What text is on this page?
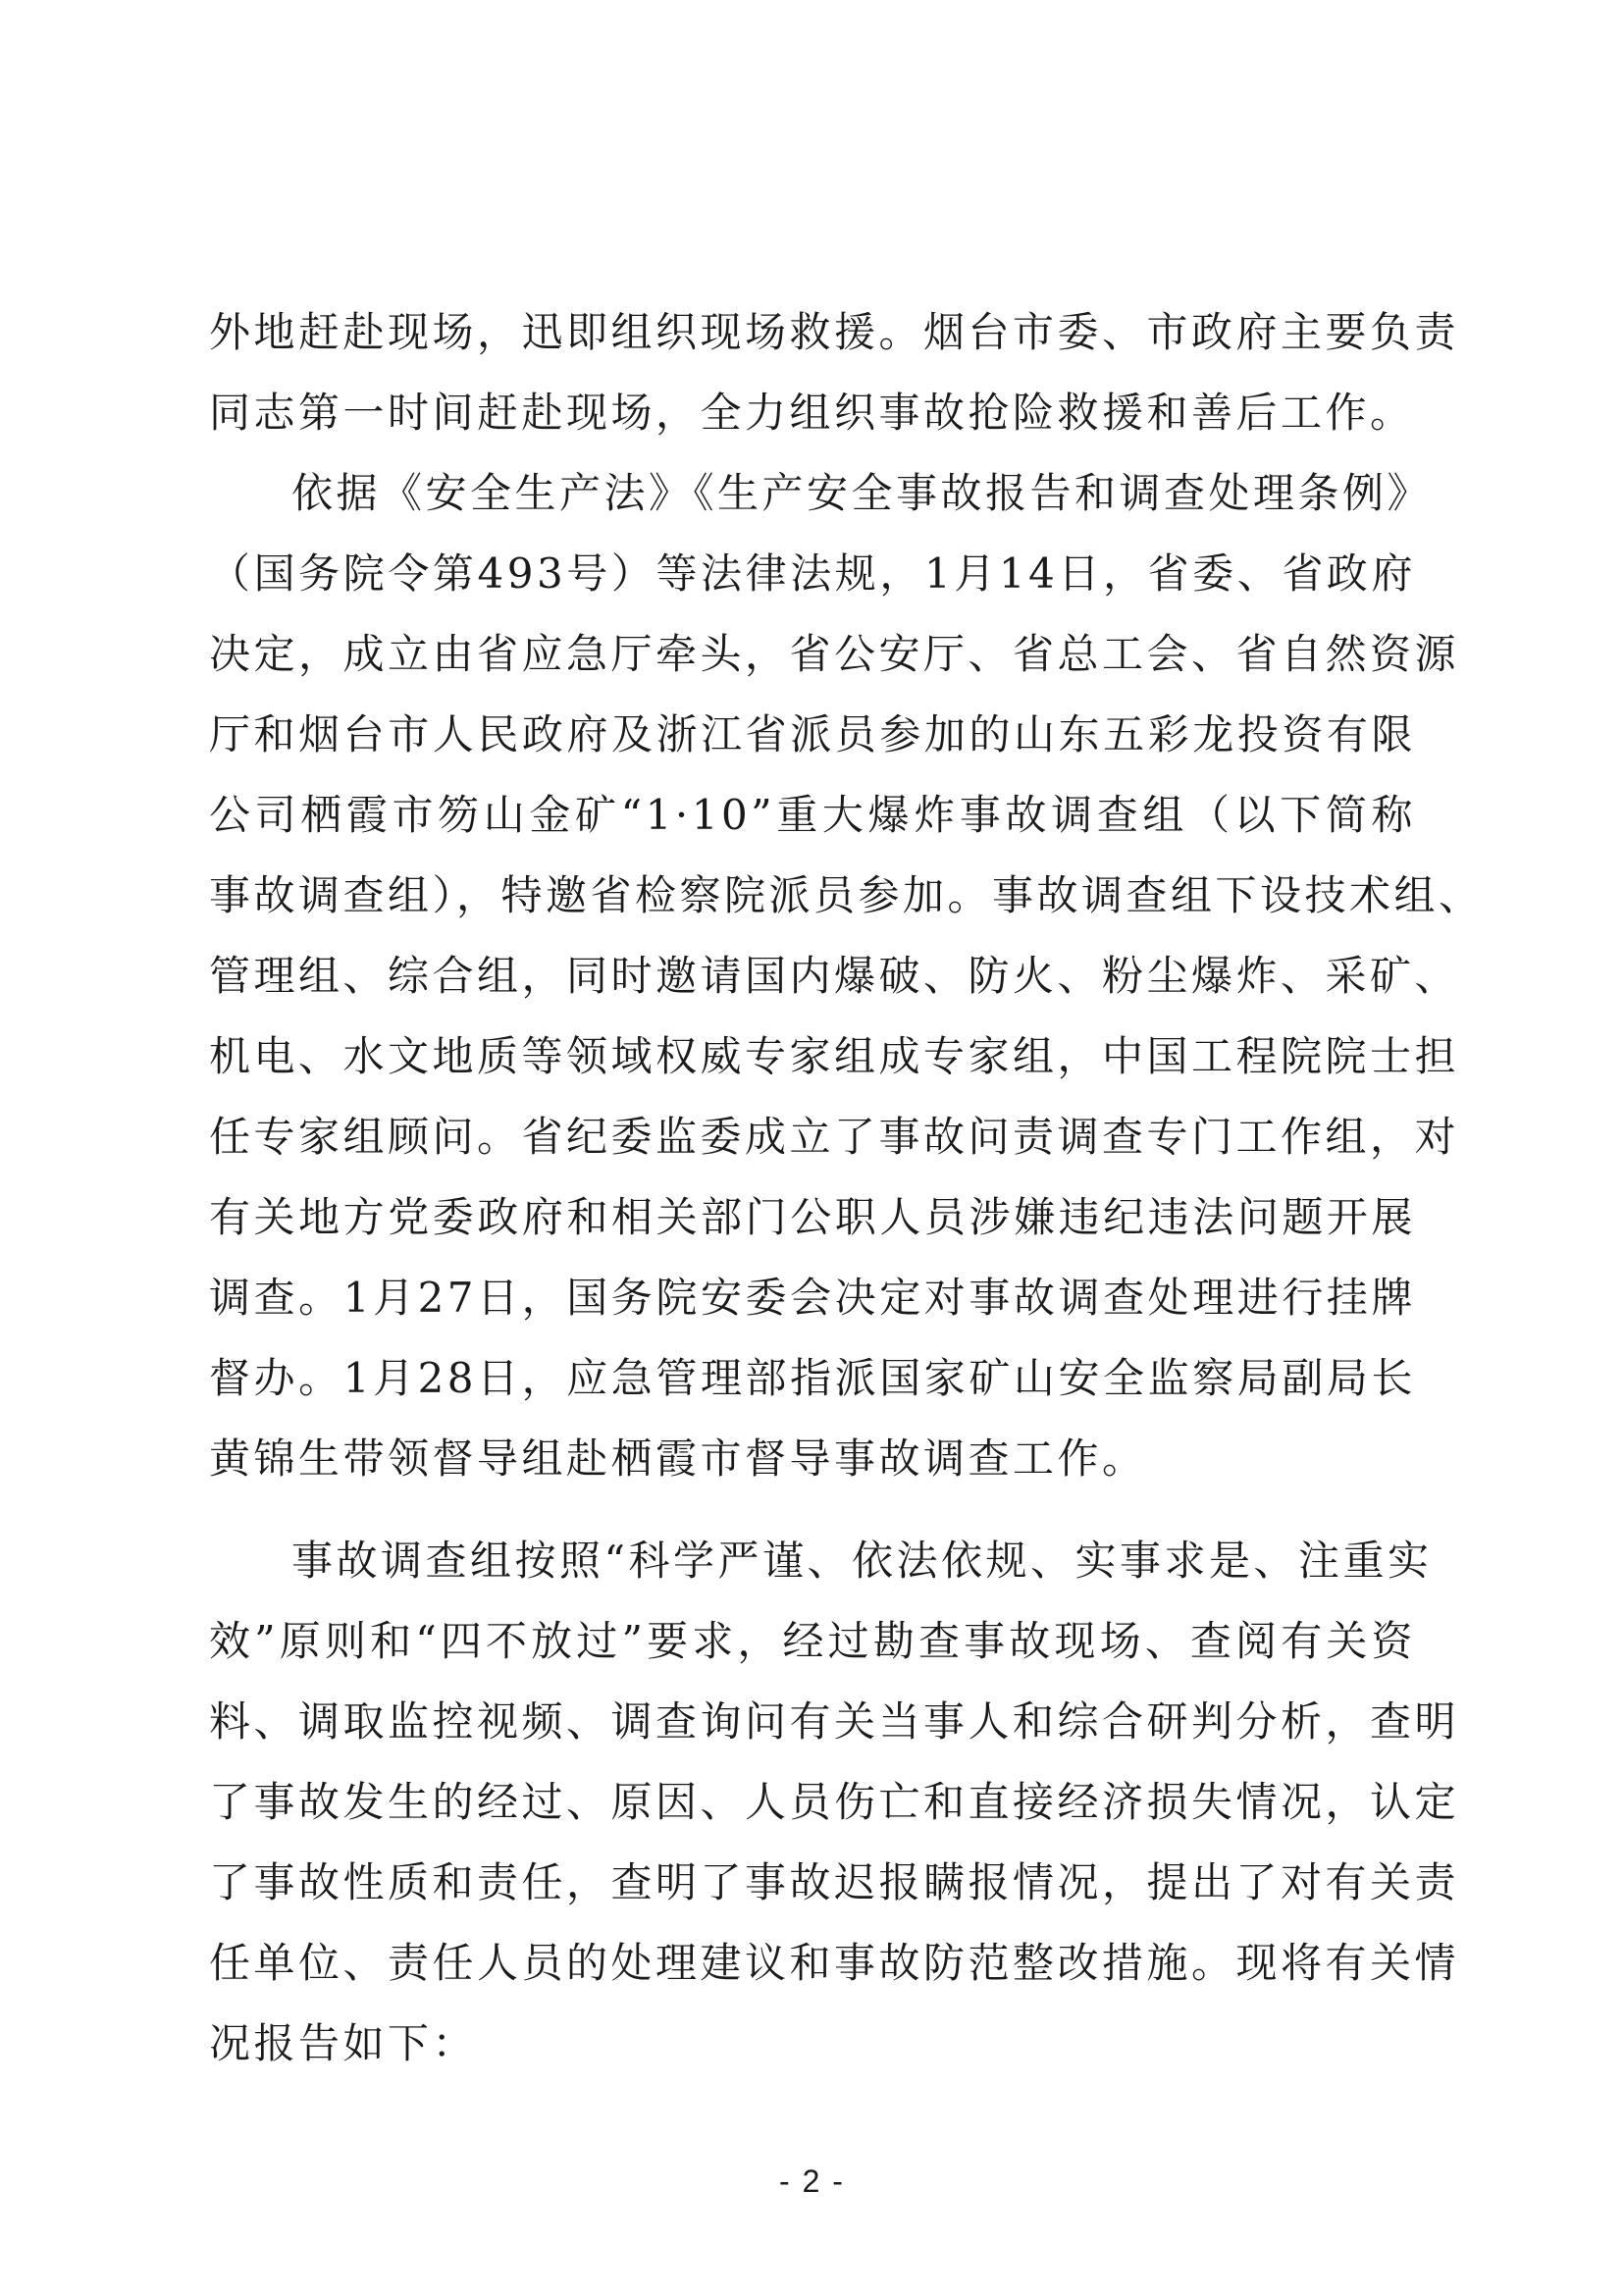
外地赶赴现场，迅即组织现场救援。烟台市委、市政府主要负责
同志第一时间赶赴现场，全力组织事故抢险救援和善后工作。
依据《安全生产法》《生产安全事故报告和调查处理条例》
（国务院令第493号）等法律法规，1月14日，省委、省政府
决定，成立由省应急厅牵头，省公安厅、省总工会、省自然资源
厅和烟台市人民政府及浙江省派员参加的山东五彩龙投资有限
公司栖霞市笏山金矿“1·10”重大爆炸事故调查组（以下简称
事故调查组），特邀省检察院派员参加。事故调查组下设技术组、
管理组、综合组，同时邀请国内爆破、防火、粉尘爆炸、采矿、
机电、水文地质等领域权威专家组成专家组，中国工程院院士担
任专家组顾问。省纪委监委成立了事故问责调查专门工作组，对
有关地方党委政府和相关部门公职人员涉嫌违纪违法问题开展
调查。1月27日，国务院安委会决定对事故调查处理进行挂牌
督办。1月28日，应急管理部指派国家矿山安全监察局副局长
黄锦生带领督导组赴栖霞市督导事故调查工作。
事故调查组按照“科学严谨、依法依规、实事求是、注重实
效”原则和“四不放过”要求，经过勘查事故现场、查阅有关资
料、调取监控视频、调查询问有关当事人和综合研判分析，查明
了事故发生的经过、原因、人员伤亡和直接经济损失情况，认定
了事故性质和责任，查明了事故迟报瞒报情况，提出了对有关责
任单位、责任人员的处理建议和事故防范整改措施。现将有关情
况报告如下：
- 2 -
